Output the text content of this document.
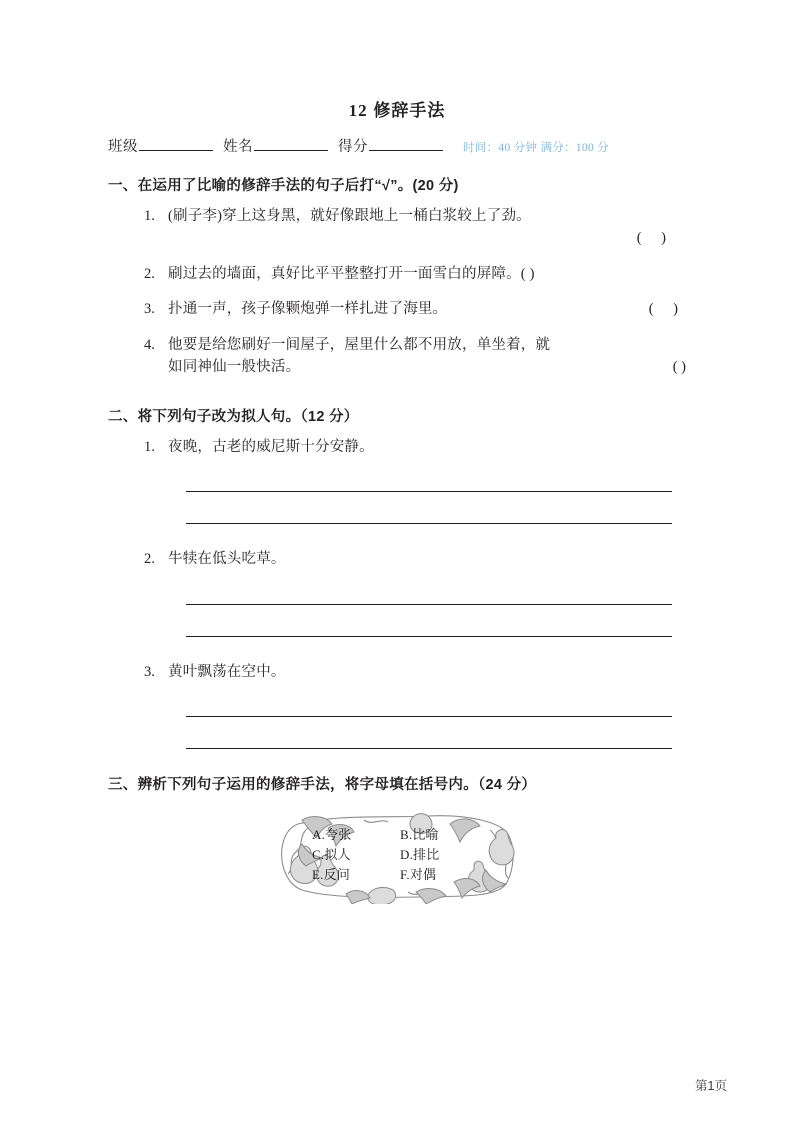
12 修辞手法
班级	姓名	得分	时间：40 分钟 满分：100 分
一、在运用了比喻的修辞手法的句子后打“√”。(20 分)
1. (刷子李)穿上这身黑，就好像跟地上一桶白浆较上了劲。
( )
2. 刷过去的墙面，真好比平平整整打开一面雪白的屏障。( )
3. 扑通一声，孩子像颗炮弹一样扎进了海里。	( )
4. 他要是给您刷好一间屋子，屋里什么都不用放，单坐着，就
如同神仙一般快活。	( )
二、将下列句子改为拟人句。（12 分）
1. 夜晚，古老的威尼斯十分安静。
2. 牛犊在低头吃草。
3. 黄叶飘荡在空中。
三、辨析下列句子运用的修辞手法，将字母填在括号内。（24 分）
A.夸张	B.比喻
C.拟人	D.排比
E.反问	F.对偶
第1页
